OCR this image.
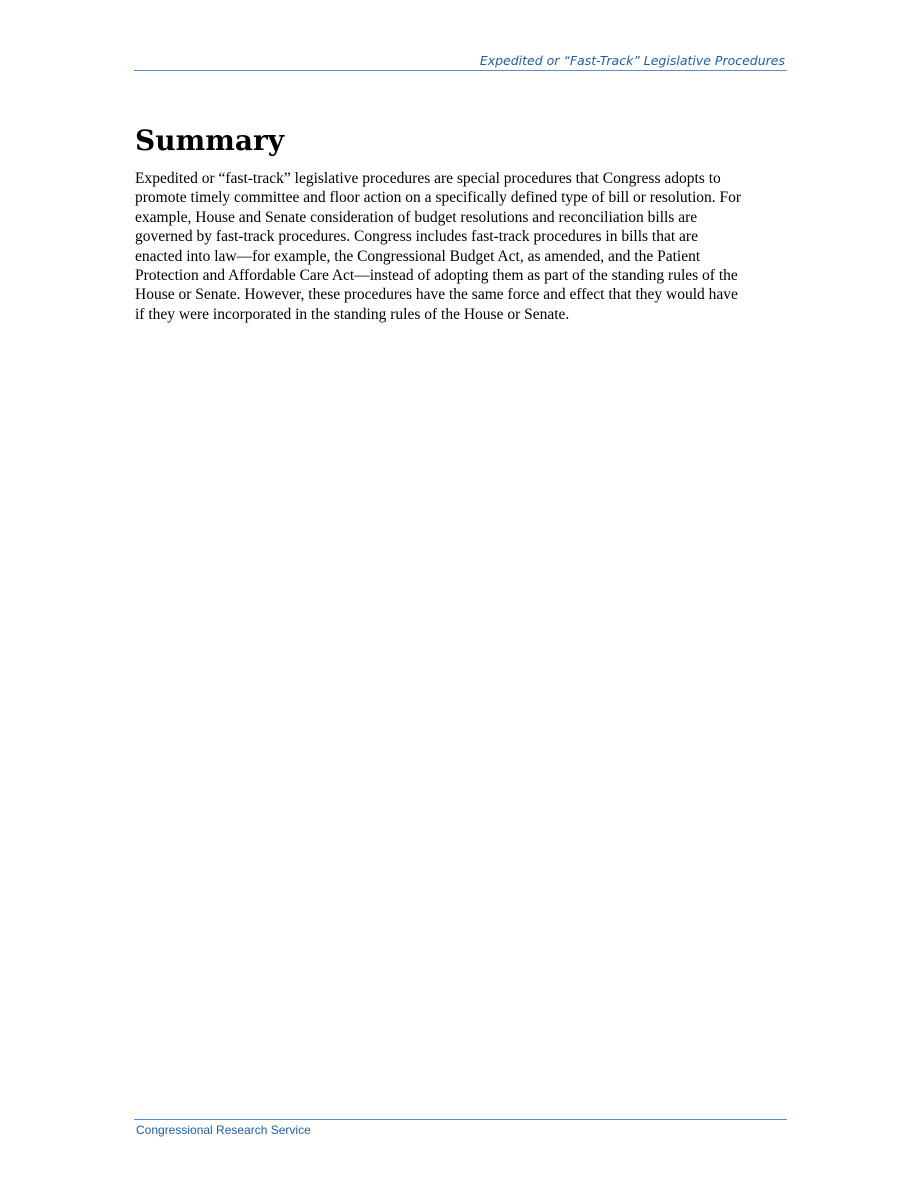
Expedited or “Fast-Track” Legislative Procedures
Summary

Expedited or “fast-track” legislative procedures are special procedures that Congress adopts to
promote timely committee and floor action on a specifically defined type of bill or resolution. For
example, House and Senate consideration of budget resolutions and reconciliation bills are
governed by fast-track procedures. Congress includes fast-track procedures in bills that are
enacted into law—for example, the Congressional Budget Act, as amended, and the Patient
Protection and Affordable Care Act—instead of adopting them as part of the standing rules of the
House or Senate. However, these procedures have the same force and effect that they would have
if they were incorporated in the standing rules of the House or Senate.

Congressional Research Service
